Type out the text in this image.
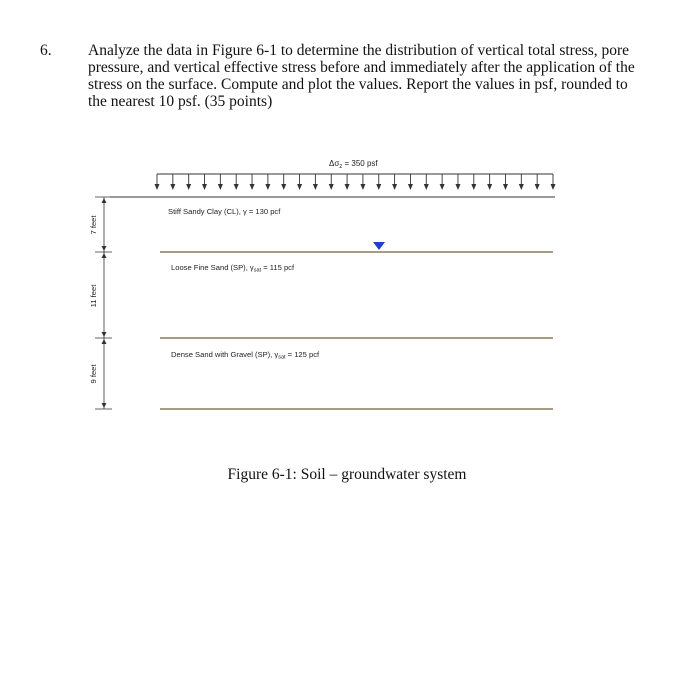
6. Analyze the data in Figure 6-1 to determine the distribution of vertical total stress, pore
pressure, and vertical effective stress before and immediately after the application of the
stress on the surface. Compute and plot the values. Report the values in psf, rounded to
the nearest 10 psf. (35 points)
$\Delta\sigma_z = 350$ psf
Stiff Sandy Clay (CL), γ = 130 pcf
Loose Fine Sand (SP), γsat = 115 pcf
Dense Sand with Gravel (SP), γsat = 125 pcf
7 feet
11 feet
9 feet
Figure 6-1: Soil – groundwater system
